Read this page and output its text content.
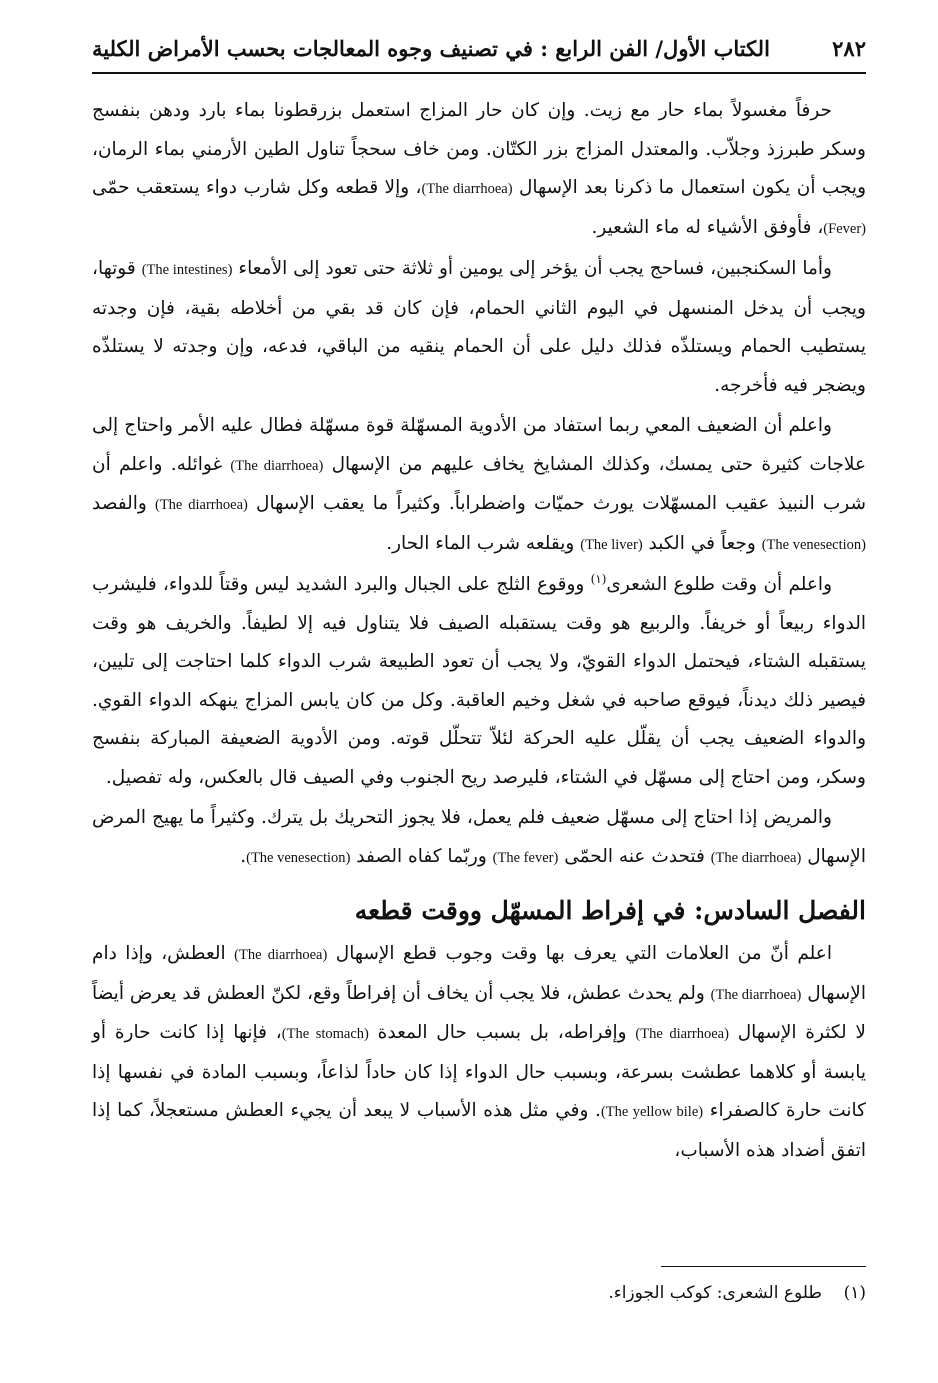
الكتاب الأول/ الفن الرابع : في تصنيف وجوه المعالجات بحسب الأمراض الكلية	٢٨٢

حرفاً مغسولاً بماء حار مع زيت. وإن كان حار المزاج استعمل بزرقطونا بماء بارد ودهن بنفسج وسكر طبرزذ وجلاّب. والمعتدل المزاج بزر الكتّان. ومن خاف سحجاً تناول الطين الأرمني بماء الرمان، ويجب أن يكون استعمال ما ذكرنا بعد الإسهال (The diarrhoea)، وإلا قطعه وكل شارب دواء يستعقب حمّى (Fever)، فأوفق الأشياء له ماء الشعير.

وأما السكنجبين، فساحج يجب أن يؤخر إلى يومين أو ثلاثة حتى تعود إلى الأمعاء (The intestines) قوتها، ويجب أن يدخل المنسهل في اليوم الثاني الحمام، فإن كان قد بقي من أخلاطه بقية، فإن وجدته يستطيب الحمام ويستلذّه فذلك دليل على أن الحمام ينقيه من الباقي، فدعه، وإن وجدته لا يستلذّه ويضجر فيه فأخرجه.

واعلم أن الضعيف المعي ربما استفاد من الأدوية المسهّلة قوة مسهّلة فطال عليه الأمر واحتاج إلى علاجات كثيرة حتى يمسك، وكذلك المشايخ يخاف عليهم من الإسهال (The diarrhoea) غوائله. واعلم أن شرب النبيذ عقيب المسهّلات يورث حميّات واضطراباً. وكثيراً ما يعقب الإسهال (The diarrhoea) والفصد (The venesection) وجعاً في الكبد (The liver) ويقلعه شرب الماء الحار.

واعلم أن وقت طلوع الشعرى$^{(١)}$ ووقوع الثلج على الجبال والبرد الشديد ليس وقتاً للدواء، فليشرب الدواء ربيعاً أو خريفاً. والربيع هو وقت يستقبله الصيف فلا يتناول فيه إلا لطيفاً. والخريف هو وقت يستقبله الشتاء، فيحتمل الدواء القويّ، ولا يجب أن تعود الطبيعة شرب الدواء كلما احتاجت إلى تليين، فيصير ذلك ديدناً، فيوقع صاحبه في شغل وخيم العاقبة. وكل من كان يابس المزاج ينهكه الدواء القوي. والدواء الضعيف يجب أن يقلّل عليه الحركة لئلاّ تتحلّل قوته. ومن الأدوية الضعيفة المباركة بنفسج وسكر، ومن احتاج إلى مسهّل في الشتاء، فليرصد ريح الجنوب وفي الصيف قال بالعكس، وله تفصيل.

والمريض إذا احتاج إلى مسهّل ضعيف فلم يعمل، فلا يجوز التحريك بل يترك. وكثيراً ما يهيج المرض الإسهال (The diarrhoea) فتحدث عنه الحمّى (The fever) وربّما كفاه الصفد (The venesection).

الفصل السادس: في إفراط المسهّل ووقت قطعه

اعلم أنّ من العلامات التي يعرف بها وقت وجوب قطع الإسهال (The diarrhoea) العطش، وإذا دام الإسهال (The diarrhoea) ولم يحدث عطش، فلا يجب أن يخاف أن إفراطاً وقع، لكنّ العطش قد يعرض أيضاً لا لكثرة الإسهال (The diarrhoea) وإفراطه، بل بسبب حال المعدة (The stomach)، فإنها إذا كانت حارة أو يابسة أو كلاهما عطشت بسرعة، وبسبب حال الدواء إذا كان حاداً لذاعاً، وبسبب المادة في نفسها إذا كانت حارة كالصفراء (The yellow bile). وفي مثل هذه الأسباب لا يبعد أن يجيء العطش مستعجلاً، كما إذا اتفق أضداد هذه الأسباب،

(١)    طلوع الشعرى: كوكب الجوزاء.
